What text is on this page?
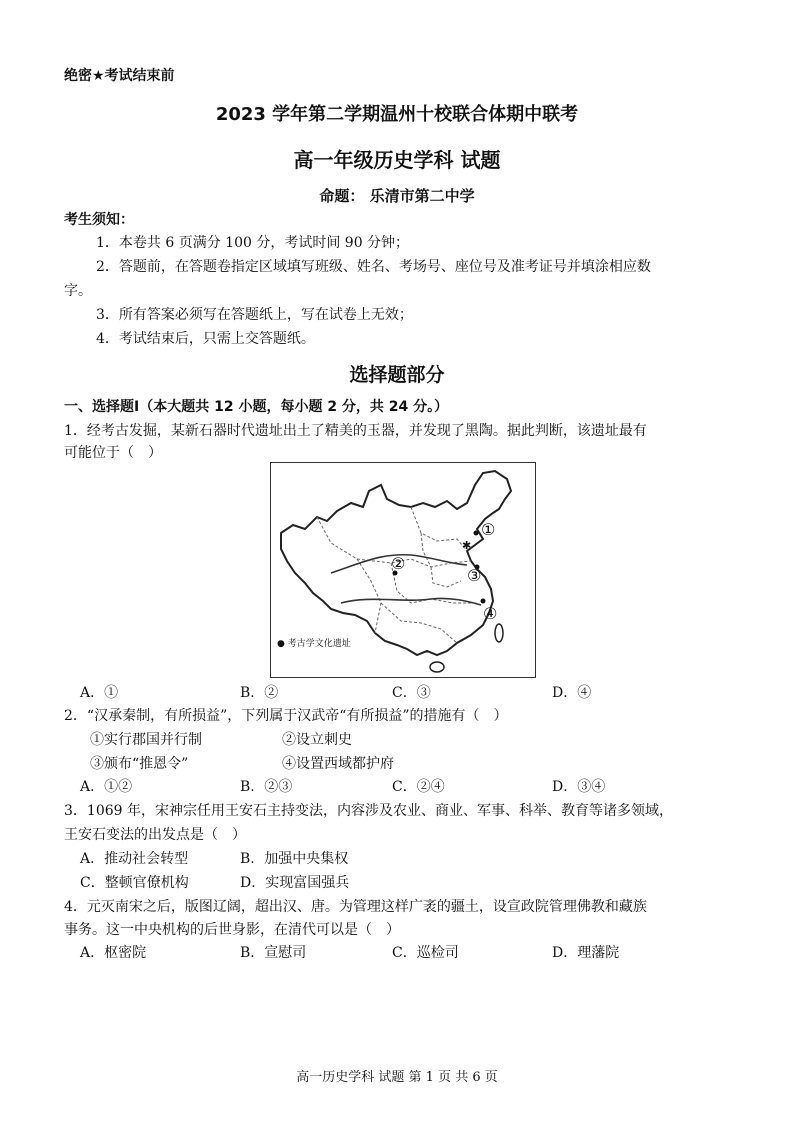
绝密★考试结束前
2023 学年第二学期温州十校联合体期中联考
高一年级历史学科 试题
命题： 乐清市第二中学
考生须知：
1．本卷共 6 页满分 100 分，考试时间 90 分钟；
2．答题前，在答题卷指定区域填写班级、姓名、考场号、座位号及准考证号并填涂相应数
字。
3．所有答案必须写在答题纸上，写在试卷上无效；
4．考试结束后，只需上交答题纸。
选择题部分
一、选择题Ⅰ（本大题共 12 小题，每小题 2 分，共 24 分。）
1．经考古发掘，某新石器时代遗址出土了精美的玉器，并发现了黑陶。据此判断，该遗址最有
可能位于（　）
✱
①
②
③
④
● 考古学文化遗址
A．①	B．②	C．③	D．④
2．“汉承秦制，有所损益”，下列属于汉武帝“有所损益”的措施有（　）
①实行郡国并行制	②设立刺史
③颁布“推恩令”	④设置西域都护府
A．①②	B．②③	C．②④	D．③④
3．1069 年，宋神宗任用王安石主持变法，内容涉及农业、商业、军事、科举、教育等诸多领域，
王安石变法的出发点是（　）
A．推动社会转型	B．加强中央集权
C．整顿官僚机构	D．实现富国强兵
4．元灭南宋之后，版图辽阔，超出汉、唐。为管理这样广袤的疆土，设宣政院管理佛教和藏族
事务。这一中央机构的后世身影，在清代可以是（　）
A．枢密院	B．宣慰司	C．巡检司	D．理藩院
高一历史学科 试题 第 1 页 共 6 页
